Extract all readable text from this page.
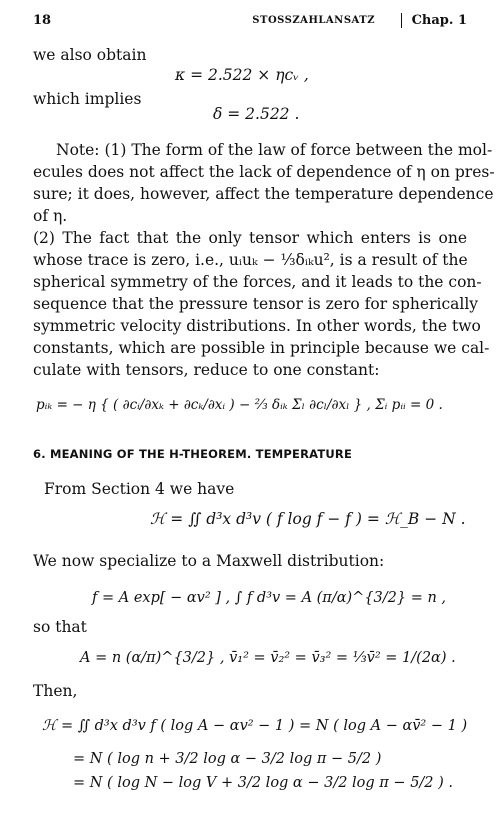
18	STOSSZAHLANSATZ	Chap. 1
we also obtain
κ = 2.522 × ηcᵥ ,
which implies
δ = 2.522 .
Note: (1) The form of the law of force between the mol-
ecules does not affect the lack of dependence of η on pres-
sure; it does, however, affect the temperature dependence
of η.
(2) The fact that the only tensor which enters is one
whose trace is zero, i.e., uᵢuₖ − ⅓δᵢₖu², is a result of the
spherical symmetry of the forces, and it leads to the con-
sequence that the pressure tensor is zero for spherically
symmetric velocity distributions. In other words, the two
constants, which are possible in principle because we cal-
culate with tensors, reduce to one constant:
pᵢₖ = − η { ( ∂cᵢ/∂xₖ + ∂cₖ/∂xᵢ ) − ⅔ δᵢₖ Σₗ ∂cₗ/∂xₗ } , Σᵢ pᵢᵢ = 0 .
6. MEANING OF THE H-THEOREM. TEMPERATURE
From Section 4 we have
ℋ = ∬ d³x d³v ( f log f − f ) = ℋ_B − N .
We now specialize to a Maxwell distribution:
f = A exp[ − αv² ] , ∫ f d³v = A (π/α)^{3/2} = n ,
so that
A = n (α/π)^{3/2} , v̄₁² = v̄₂² = v̄₃² = ⅓v̄² = 1/(2α) .
Then,
ℋ = ∬ d³x d³v f ( log A − αv² − 1 ) = N ( log A − αv̄² − 1 )
= N ( log n + 3/2 log α − 3/2 log π − 5/2 )
= N ( log N − log V + 3/2 log α − 3/2 log π − 5/2 ) .
